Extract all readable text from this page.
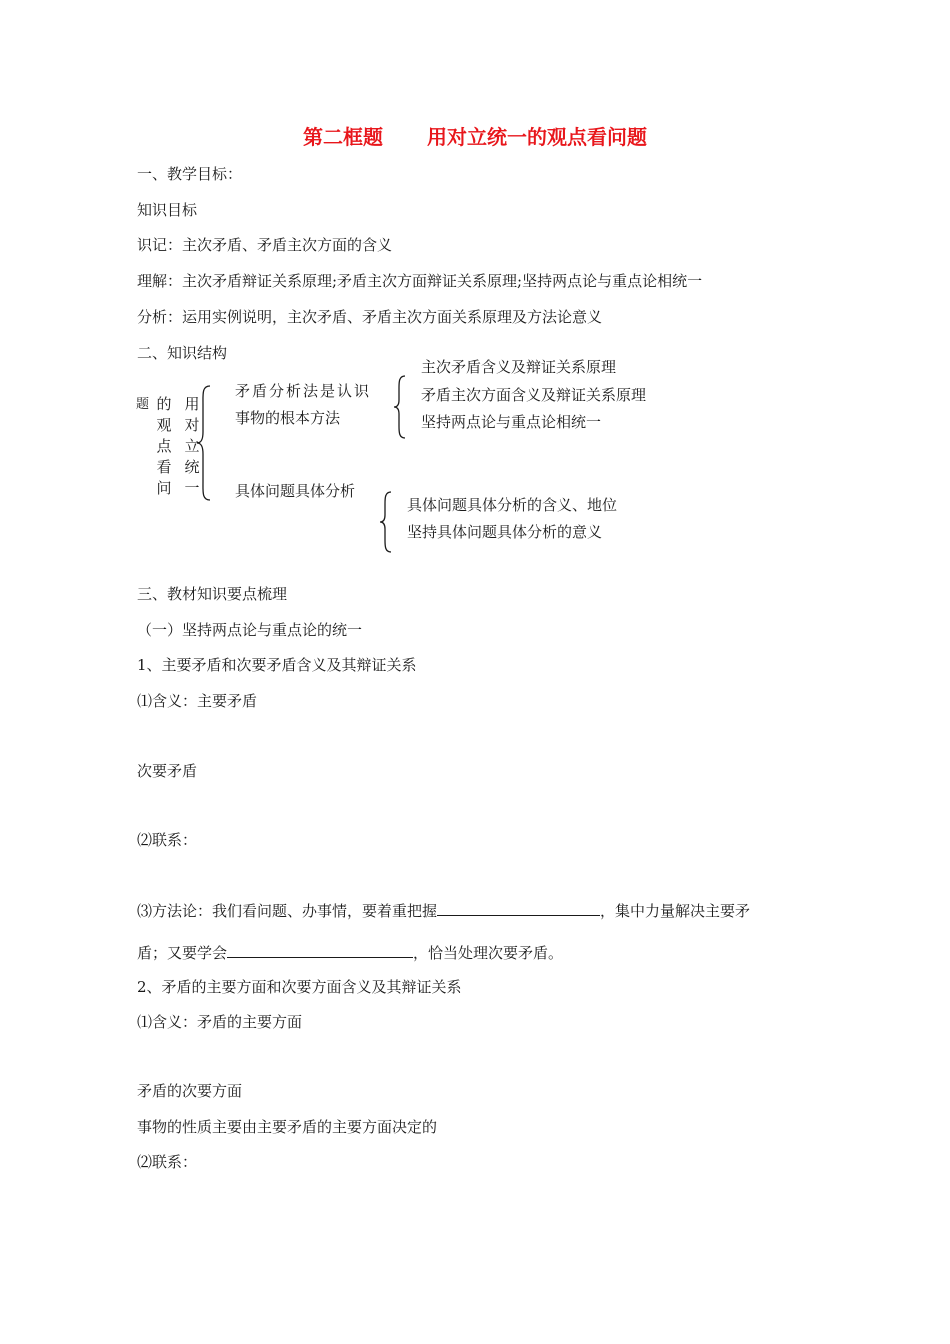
第二框题 用对立统一的观点看问题
一、教学目标：
知识目标
识记：主次矛盾、矛盾主次方面的含义
理解：主次矛盾辩证关系原理;矛盾主次方面辩证关系原理;坚持两点论与重点论相统一
分析：运用实例说明，主次矛盾、矛盾主次方面关系原理及方法论意义
二、知识结构
题 的
观
点
看
问
用
对
立
统
一
矛盾分析法是认识
事物的根本方法
主次矛盾含义及辩证关系原理
矛盾主次方面含义及辩证关系原理
坚持两点论与重点论相统一
具体问题具体分析
具体问题具体分析的含义、地位
坚持具体问题具体分析的意义
三、教材知识要点梳理
（一）坚持两点论与重点论的统一
1、主要矛盾和次要矛盾含义及其辩证关系
⑴含义：主要矛盾
次要矛盾
⑵联系：
⑶方法论：我们看问题、办事情，要着重把握	，集中力量解决主要矛
盾；又要学会	，恰当处理次要矛盾。
2、矛盾的主要方面和次要方面含义及其辩证关系
⑴含义：矛盾的主要方面
矛盾的次要方面
事物的性质主要由主要矛盾的主要方面决定的
⑵联系：
